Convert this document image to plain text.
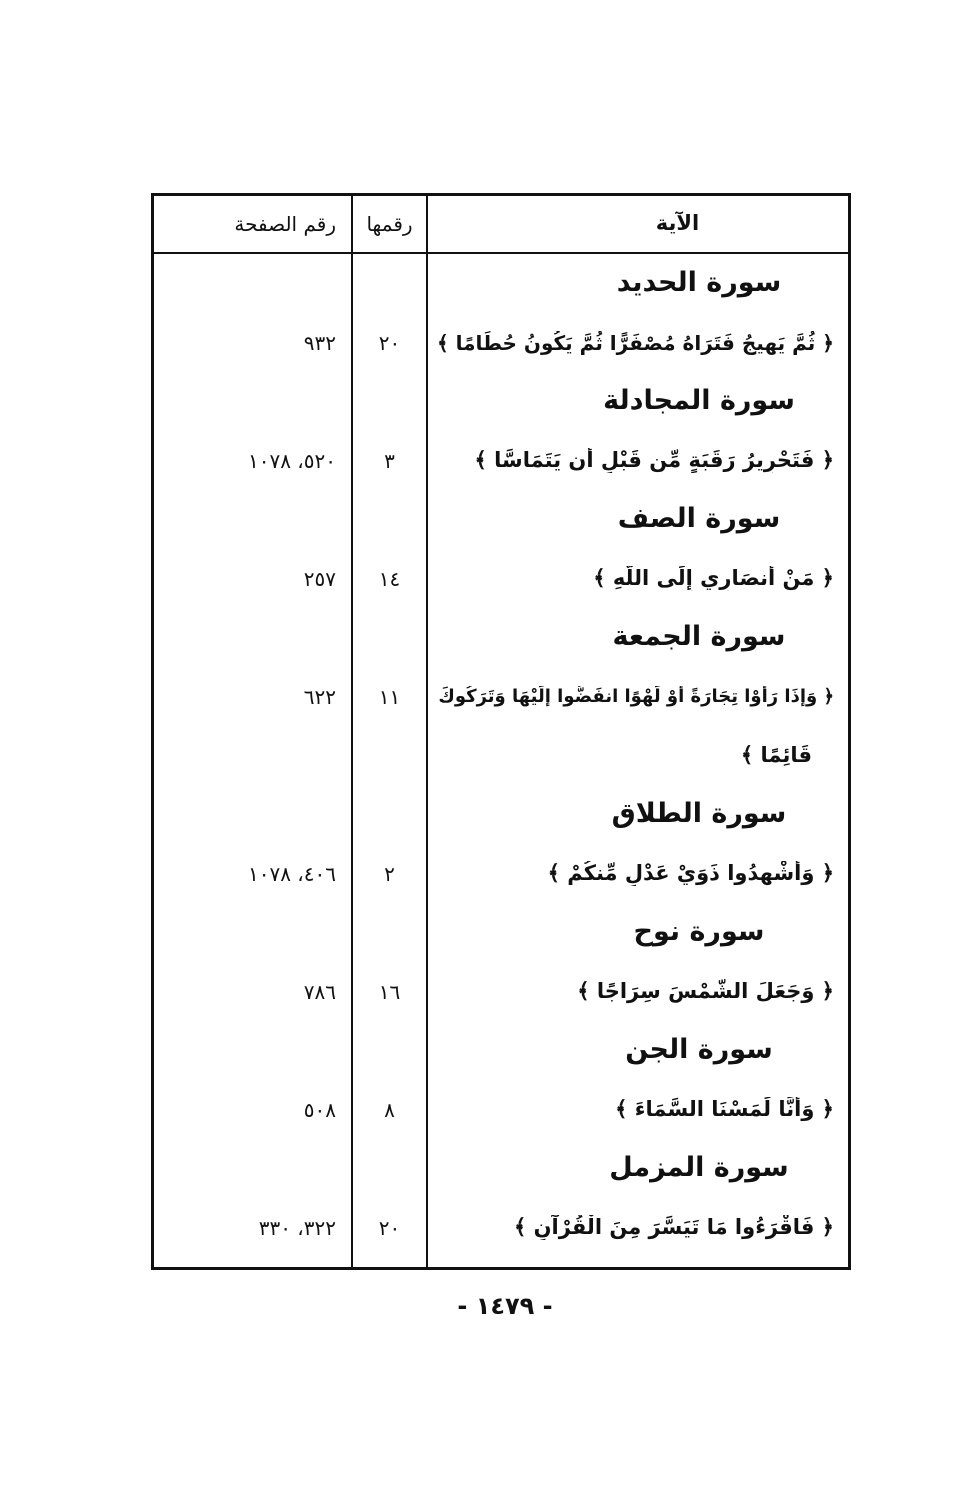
الآية
رقمها
رقم الصفحة
سورة الحديد
﴿ ثُمَّ يَهِيجُ فَتَرَاهُ مُصْفَرًّا ثُمَّ يَكُونُ حُطَامًا ﴾
٢٠
٩٣٢
سورة المجادلة
﴿ فَتَحْرِيرُ رَقَبَةٍ مِّن قَبْلِ أَن يَتَمَاسَّا ﴾
٣
٥٢٠، ١٠٧٨
سورة الصف
﴿ مَنْ أَنصَارِي إِلَى اللَّهِ ﴾
١٤
٢٥٧
سورة الجمعة
﴿ وَإِذَا رَأَوْا تِجَارَةً أَوْ لَهْوًا انفَضُّوا إِلَيْهَا وَتَرَكُوكَ
١١
٦٢٢
قَائِمًا ﴾
سورة الطلاق
﴿ وَأَشْهِدُوا ذَوَيْ عَدْلٍ مِّنكُمْ ﴾
٢
٤٠٦، ١٠٧٨
سورة نوح
﴿ وَجَعَلَ الشَّمْسَ سِرَاجًا ﴾
١٦
٧٨٦
سورة الجن
﴿ وَأَنَّا لَمَسْنَا السَّمَاءَ ﴾
٨
٥٠٨
سورة المزمل
﴿ فَاقْرَءُوا مَا تَيَسَّرَ مِنَ الْقُرْآنِ ﴾
٢٠
٣٢٢، ٣٣٠
- ١٤٧٩ -
